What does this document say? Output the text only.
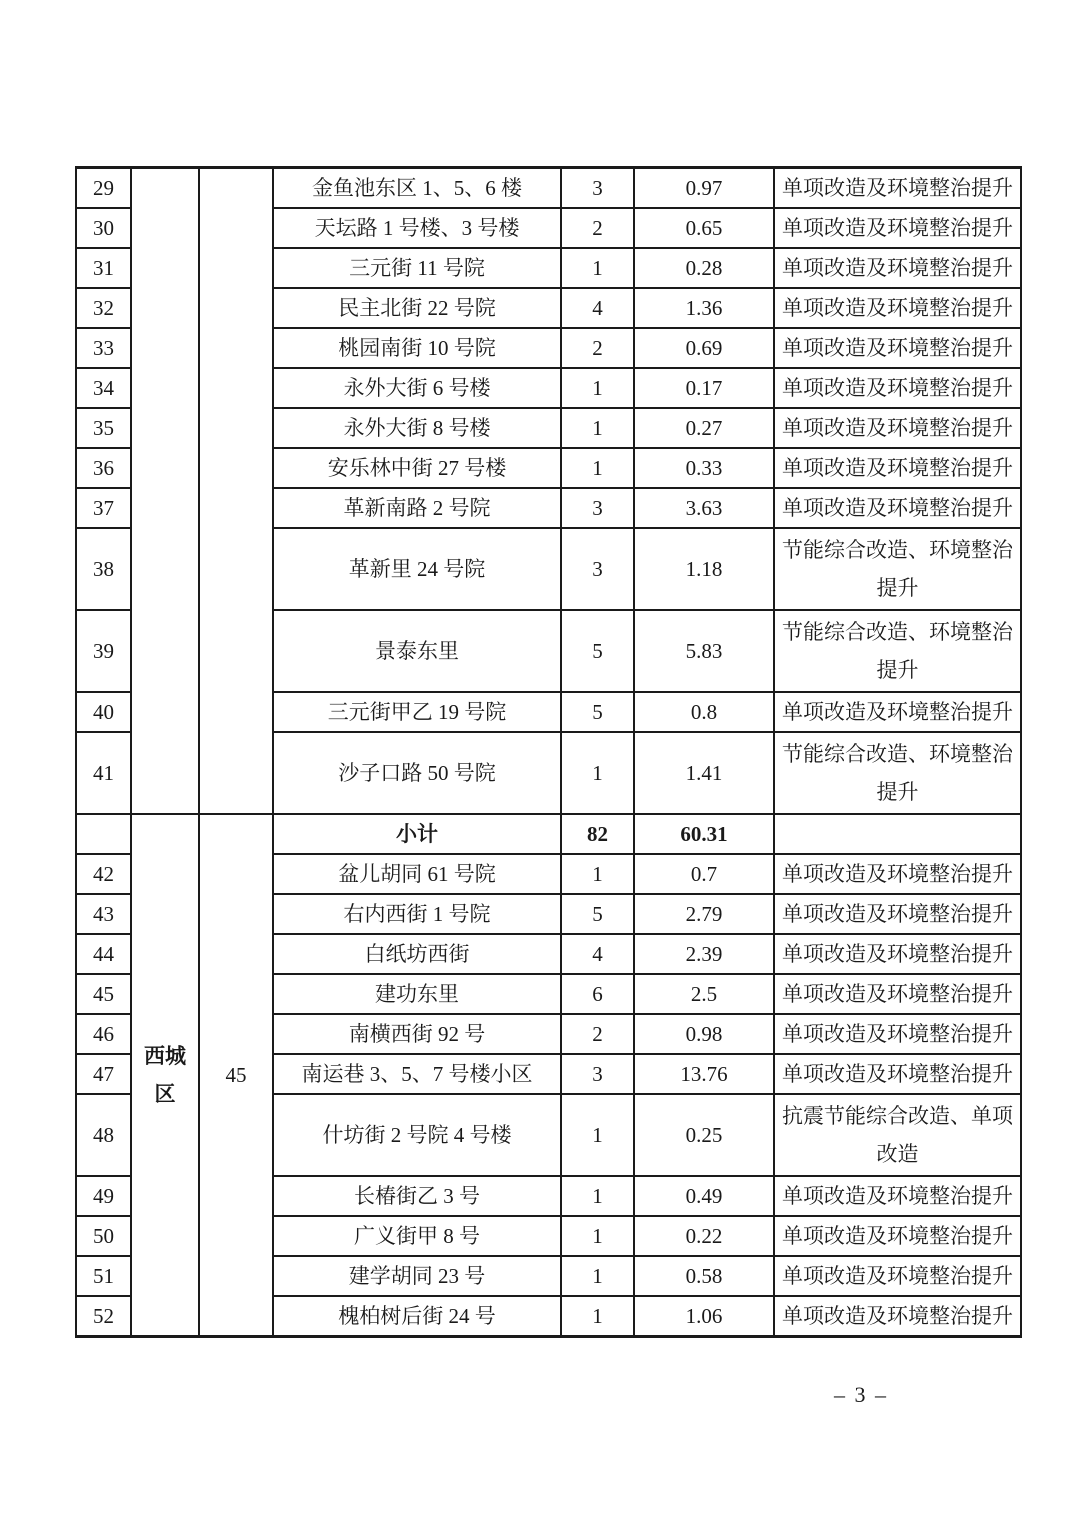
29			金鱼池东区 1、5、6 楼	3	0.97	单项改造及环境整治提升
30			天坛路 1 号楼、3 号楼	2	0.65	单项改造及环境整治提升
31			三元街 11 号院	1	0.28	单项改造及环境整治提升
32			民主北街 22 号院	4	1.36	单项改造及环境整治提升
33			桃园南街 10 号院	2	0.69	单项改造及环境整治提升
34			永外大街 6 号楼	1	0.17	单项改造及环境整治提升
35			永外大街 8 号楼	1	0.27	单项改造及环境整治提升
36			安乐林中街 27 号楼	1	0.33	单项改造及环境整治提升
37			革新南路 2 号院	3	3.63	单项改造及环境整治提升
38			革新里 24 号院	3	1.18	节能综合改造、环境整治提升
39			景泰东里	5	5.83	节能综合改造、环境整治提升
40			三元街甲乙 19 号院	5	0.8	单项改造及环境整治提升
41			沙子口路 50 号院	1	1.41	节能综合改造、环境整治提升
	西城区	45	小计	82	60.31	
42			盆儿胡同 61 号院	1	0.7	单项改造及环境整治提升
43			右内西街 1 号院	5	2.79	单项改造及环境整治提升
44			白纸坊西街	4	2.39	单项改造及环境整治提升
45			建功东里	6	2.5	单项改造及环境整治提升
46			南横西街 92 号	2	0.98	单项改造及环境整治提升
47			南运巷 3、5、7 号楼小区	3	13.76	单项改造及环境整治提升
48			什坊街 2 号院 4 号楼	1	0.25	抗震节能综合改造、单项改造
49			长椿街乙 3 号	1	0.49	单项改造及环境整治提升
50			广义街甲 8 号	1	0.22	单项改造及环境整治提升
51			建学胡同 23 号	1	0.58	单项改造及环境整治提升
52			槐柏树后街 24 号	1	1.06	单项改造及环境整治提升
– 3 –
